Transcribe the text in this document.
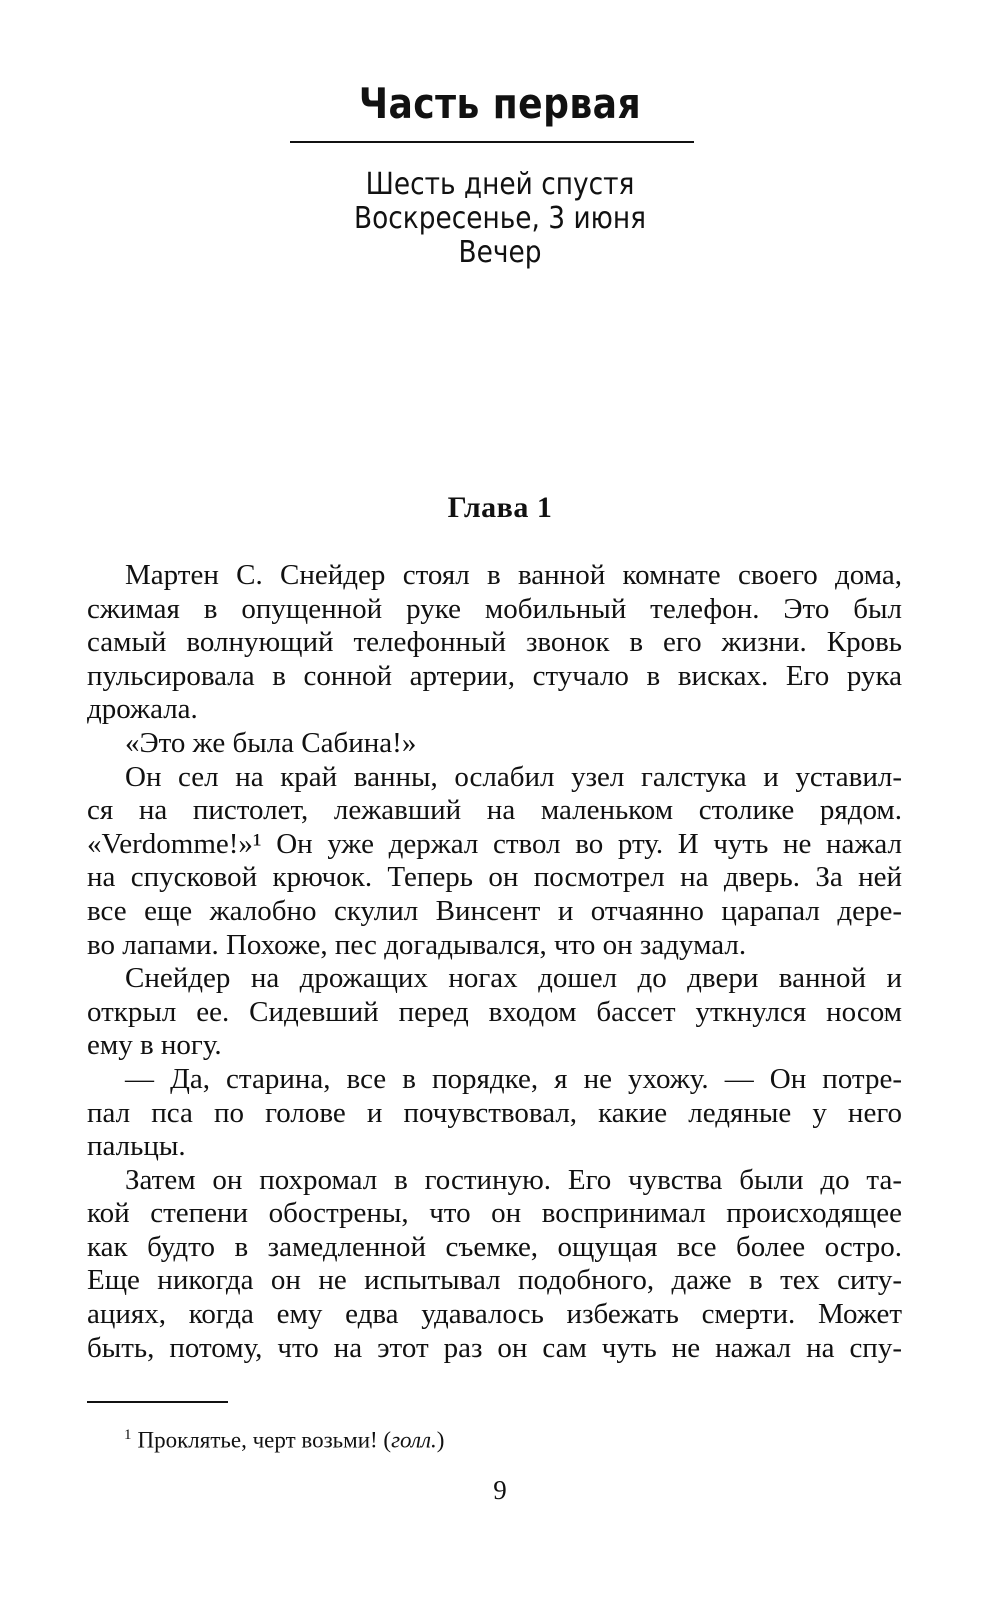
Часть первая
Шесть дней спустя
Воскресенье, 3 июня
Вечер
Глава 1
Мартен С. Снейдер стоял в ванной комнате своего дома,
сжимая в опущенной руке мобильный телефон. Это был
самый волнующий телефонный звонок в его жизни. Кровь
пульсировала в сонной артерии, стучало в висках. Его рука
дрожала.
«Это же была Сабина!»
Он сел на край ванны, ослабил узел галстука и уставил-
ся на пистолет, лежавший на маленьком столике рядом.
«Verdomme!»¹ Он уже держал ствол во рту. И чуть не нажал
на спусковой крючок. Теперь он посмотрел на дверь. За ней
все еще жалобно скулил Винсент и отчаянно царапал дере-
во лапами. Похоже, пес догадывался, что он задумал.
Снейдер на дрожащих ногах дошел до двери ванной и
открыл ее. Сидевший перед входом бассет уткнулся носом
ему в ногу.
— Да, старина, все в порядке, я не ухожу. — Он потре-
пал пса по голове и почувствовал, какие ледяные у него
пальцы.
Затем он похромал в гостиную. Его чувства были до та-
кой степени обострены, что он воспринимал происходящее
как будто в замедленной съемке, ощущая все более остро.
Еще никогда он не испытывал подобного, даже в тех ситу-
ациях, когда ему едва удавалось избежать смерти. Может
быть, потому, что на этот раз он сам чуть не нажал на спу-
$^1$ Проклятье, черт возьми! (голл.)
9
